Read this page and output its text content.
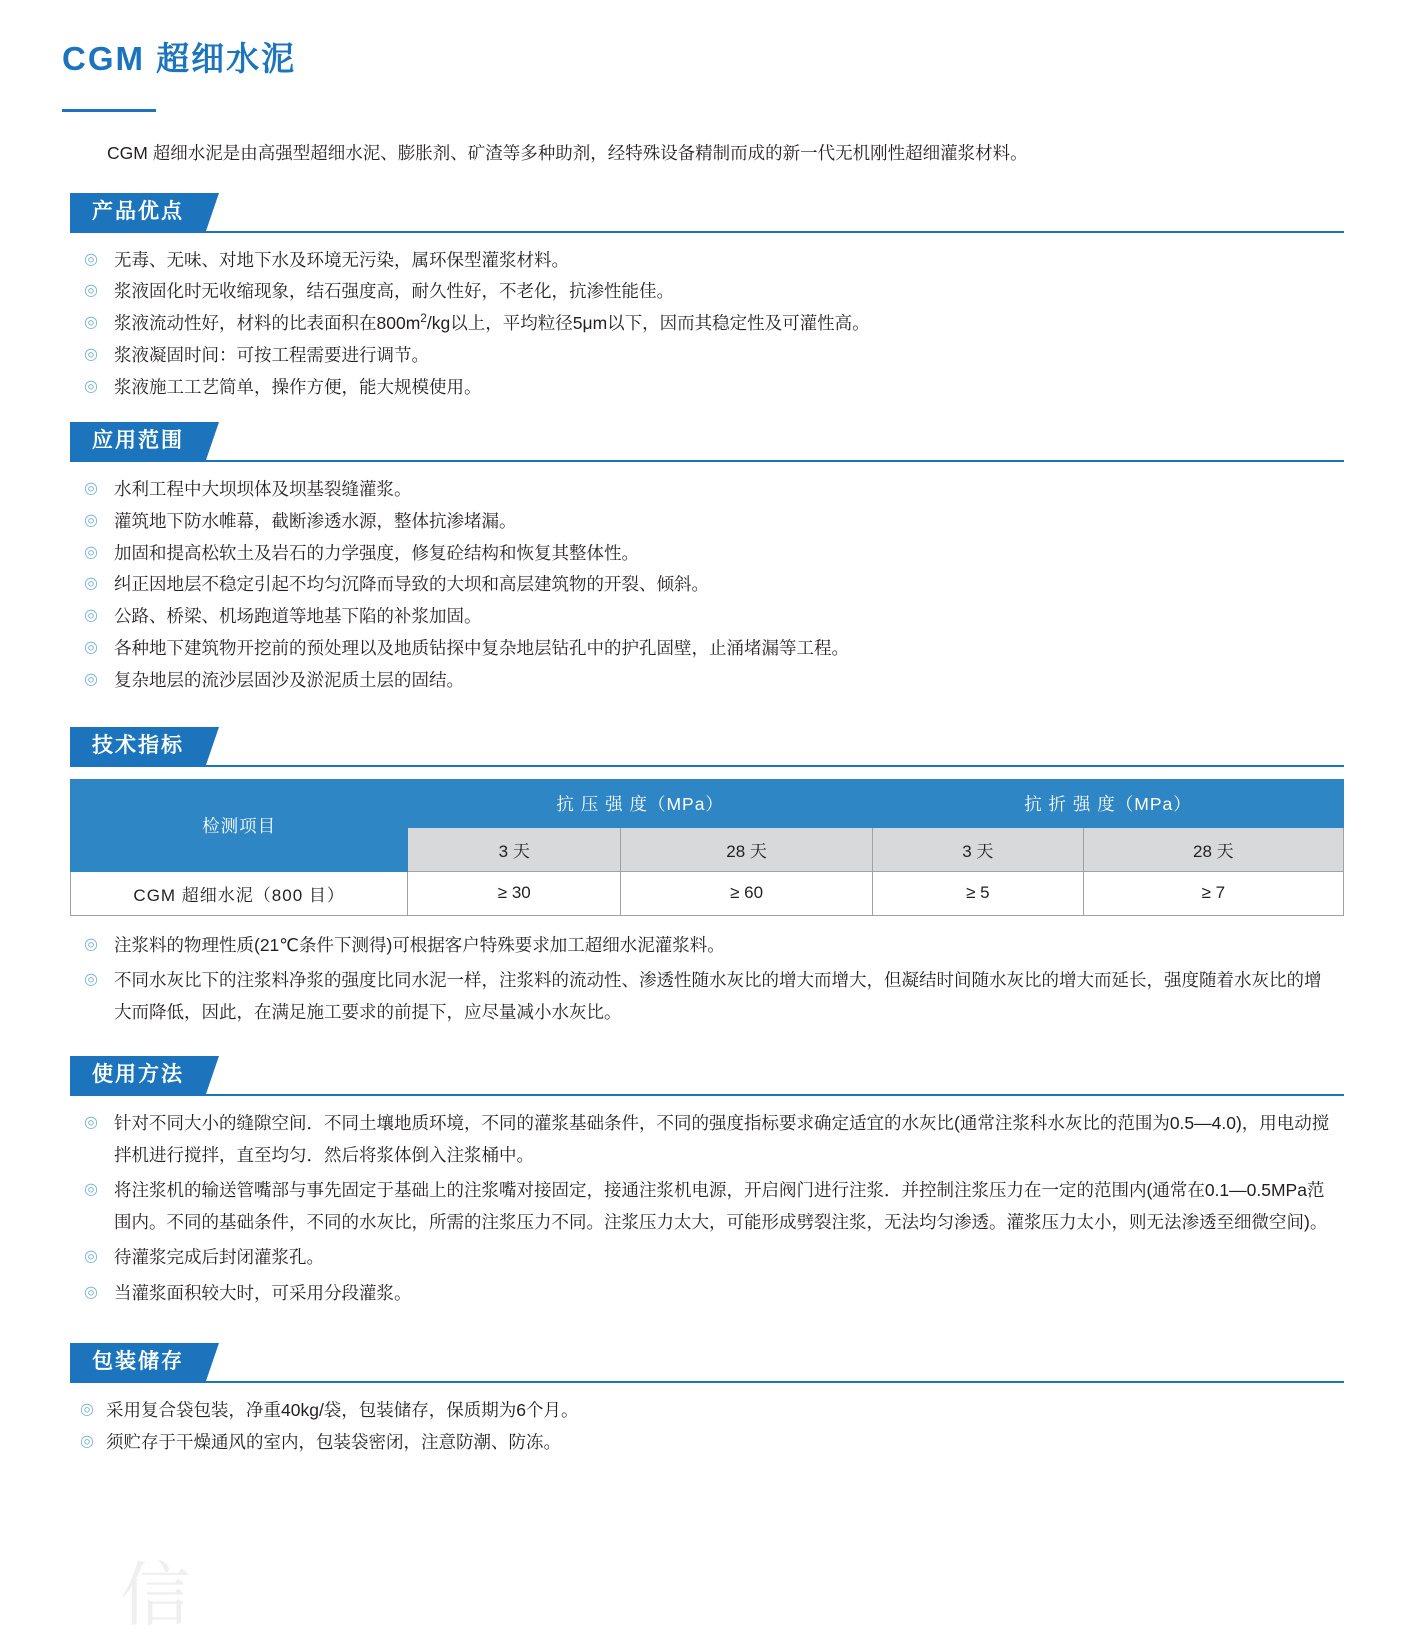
CGM 超细水泥

CGM 超细水泥是由高强型超细水泥、膨胀剂、矿渣等多种助剂，经特殊设备精制而成的新一代无机刚性超细灌浆材料。

产品优点
◎ 无毒、无味、对地下水及环境无污染，属环保型灌浆材料。
◎ 浆液固化时无收缩现象，结石强度高，耐久性好，不老化，抗渗性能佳。
◎ 浆液流动性好，材料的比表面积在$800m^2/kg$以上，平均粒径5μm以下，因而其稳定性及可灌性高。
◎ 浆液凝固时间：可按工程需要进行调节。
◎ 浆液施工工艺简单，操作方便，能大规模使用。
应用范围
◎ 水利工程中大坝坝体及坝基裂缝灌浆。
◎ 灌筑地下防水帷幕，截断渗透水源，整体抗渗堵漏。
◎ 加固和提高松软土及岩石的力学强度，修复砼结构和恢复其整体性。
◎ 纠正因地层不稳定引起不均匀沉降而导致的大坝和高层建筑物的开裂、倾斜。
◎ 公路、桥梁、机场跑道等地基下陷的补浆加固。
◎ 各种地下建筑物开挖前的预处理以及地质钻探中复杂地层钻孔中的护孔固壁，止涌堵漏等工程。
◎ 复杂地层的流沙层固沙及淤泥质土层的固结。
技术指标
检测项目	抗 压 强 度（MPa）		抗 折 强 度（MPa）	
	3 天	28 天	3 天	28 天
CGM 超细水泥（800 目）	≥ 30	≥ 60	≥ 5	≥ 7

◎ 注浆料的物理性质(21℃条件下测得)可根据客户特殊要求加工超细水泥灌浆料。

◎ 不同水灰比下的注浆料净浆的强度比同水泥一样，注浆料的流动性、渗透性随水灰比的增大而增大，但凝结时间随水灰比的增大而延长，强度随着水灰比的增大而降低，因此，在满足施工要求的前提下，应尽量减小水灰比。

使用方法

◎ 针对不同大小的缝隙空间．不同土壤地质环境，不同的灌浆基础条件，不同的强度指标要求确定适宜的水灰比(通常注浆科水灰比的范围为0.5—4.0)，用电动搅拌机进行搅拌，直至均匀．然后将浆体倒入注浆桶中。

◎ 将注浆机的输送管嘴部与事先固定于基础上的注浆嘴对接固定，接通注浆机电源，开启阀门进行注浆．并控制注浆压力在一定的范围内(通常在0.1—0.5MPa范围内。不同的基础条件，不同的水灰比，所需的注浆压力不同。注浆压力太大，可能形成劈裂注浆，无法均匀渗透。灌浆压力太小，则无法渗透至细微空间)。

◎ 待灌浆完成后封闭灌浆孔。

◎ 当灌浆面积较大时，可采用分段灌浆。

包装储存
◎ 采用复合袋包装，净重40kg/袋，包装储存，保质期为6个月。
◎ 须贮存于干燥通风的室内，包装袋密闭，注意防潮、防冻。
信
